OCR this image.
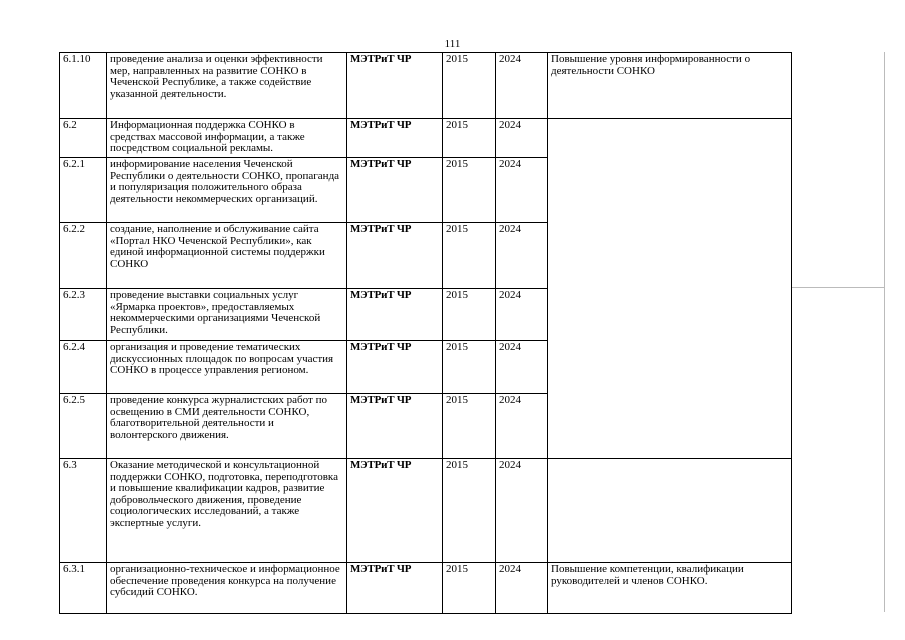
111
6.1.10	проведение анализа и оценки эффективности мер, направленных на развитие СОНКО в Чеченской Республике, а также содействие указанной деятельности.	МЭТРиТ ЧР	2015	2024	Повышение уровня информированности о деятельности СОНКО
6.2	Информационная поддержка СОНКО в средствах массовой информации, а также посредством социальной рекламы.	МЭТРиТ ЧР	2015	2024	
6.2.1	информирование населения Чеченской Республики о деятельности СОНКО, пропаганда и популяризация положительного образа деятельности некоммерческих организаций.	МЭТРиТ ЧР	2015	2024	
6.2.2	создание, наполнение и обслуживание сайта «Портал НКО Чеченской Республики», как единой информационной системы поддержки СОНКО	МЭТРиТ ЧР	2015	2024	
6.2.3	проведение выставки социальных услуг «Ярмарка проектов», предоставляемых некоммерческими организациями Чеченской Республики.	МЭТРиТ ЧР	2015	2024	
6.2.4	организация и проведение тематических дискуссионных площадок по вопросам участия СОНКО в процессе управления регионом.	МЭТРиТ ЧР	2015	2024	
6.2.5	проведение конкурса журналистских работ по освещению в СМИ деятельности СОНКО, благотворительной деятельности и волонтерского движения.	МЭТРиТ ЧР	2015	2024	
6.3	Оказание методической и консультационной поддержки СОНКО, подготовка, переподготовка и повышение квалификации кадров, развитие добровольческого движения, проведение социологических исследований, а также экспертные услуги.	МЭТРиТ ЧР	2015	2024	
6.3.1	организационно-техническое и информационное обеспечение проведения конкурса на получение субсидий СОНКО.	МЭТРиТ ЧР	2015	2024	Повышение компетенции, квалификации руководителей и членов СОНКО.
